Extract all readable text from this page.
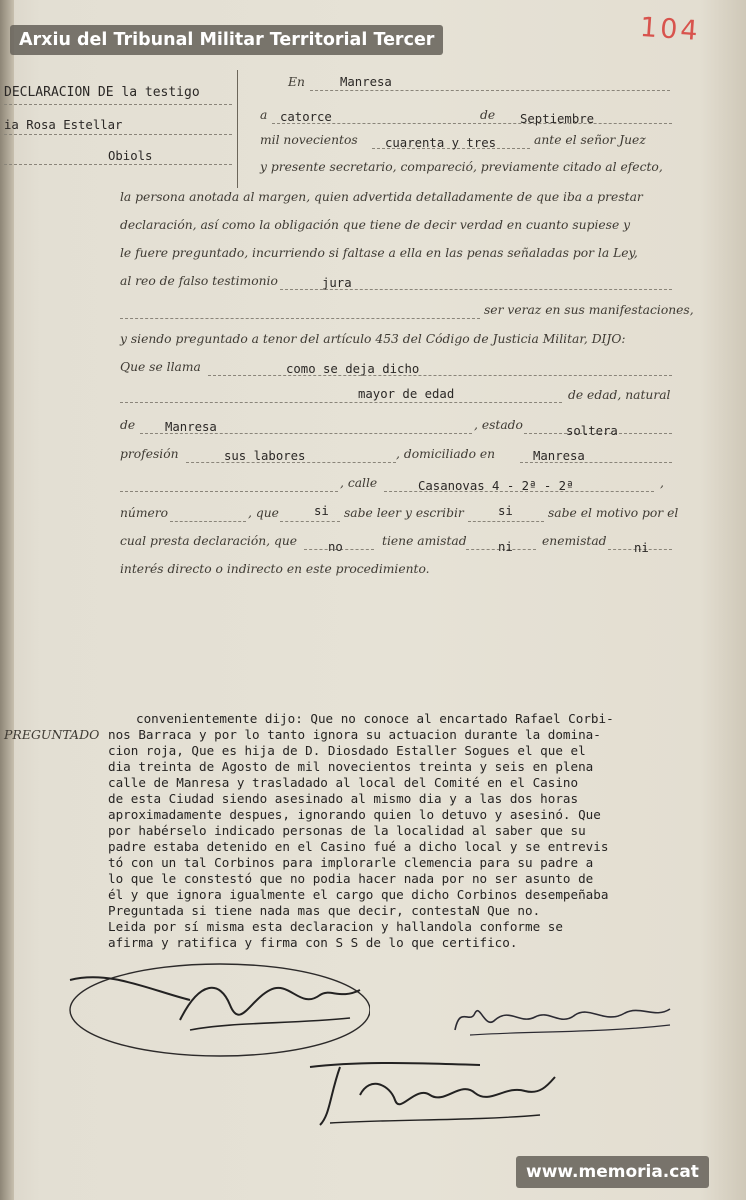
Arxiu del Tribunal Militar Territorial Tercer	104
DECLARACION DE la testigo
ia Rosa Estellar
Obiols
En	Manresa
a catorce	de Septiembre
mil novecientos cuarenta y tres	ante el señor Juez
y presente secretario, compareció, previamente citado al efecto,
la persona anotada al margen, quien advertida detalladamente de que iba a prestar
declaración, así como la obligación que tiene de decir verdad en cuanto supiese y
le fuere preguntado, incurriendo si faltase a ella en las penas señaladas por la Ley,
al reo de falso testimonio	jura
ser veraz en sus manifestaciones,
y siendo preguntado a tenor del artículo 453 del Código de Justicia Militar, DIJO:
Que se llama	como se deja dicho
mayor de edad	de edad, natural
de Manresa	, estado	soltera
profesión	sus labores	, domiciliado en	Manresa
, calle	Casanovas 4 - 2ª - 2ª	,
número	, que	si sabe leer y escribir	si	sabe el motivo por el
cual presta declaración, que	no	tiene amistad	ni enemistad ni
interés directo o indirecto en este procedimiento.
PREGUNTADO
convenientemente dijo: Que no conoce al encartado Rafael Corbi-
nos Barraca y por lo tanto ignora su actuacion durante la domina-
cion roja, Que es hija de D. Diosdado Estaller Sogues el que el
dia treinta de Agosto de mil novecientos treinta y seis en plena
calle de Manresa y trasladado al local del Comité en el Casino
de esta Ciudad siendo asesinado al mismo dia y a las dos horas
aproximadamente despues, ignorando quien lo detuvo y asesinó. Que
por habérselo indicado personas de la localidad al saber que su
padre estaba detenido en el Casino fué a dicho local y se entrevis
tó con un tal Corbinos para implorarle clemencia para su padre a
lo que le constestó que no podia hacer nada por no ser asunto de
él y que ignora igualmente el cargo que dicho Corbinos desempeñaba
Preguntada si tiene nada mas que decir, contestaN Que no.
Leida por sí misma esta declaracion y hallandola conforme se
afirma y ratifica y firma con S S de lo que certifico.
www.memoria.cat
